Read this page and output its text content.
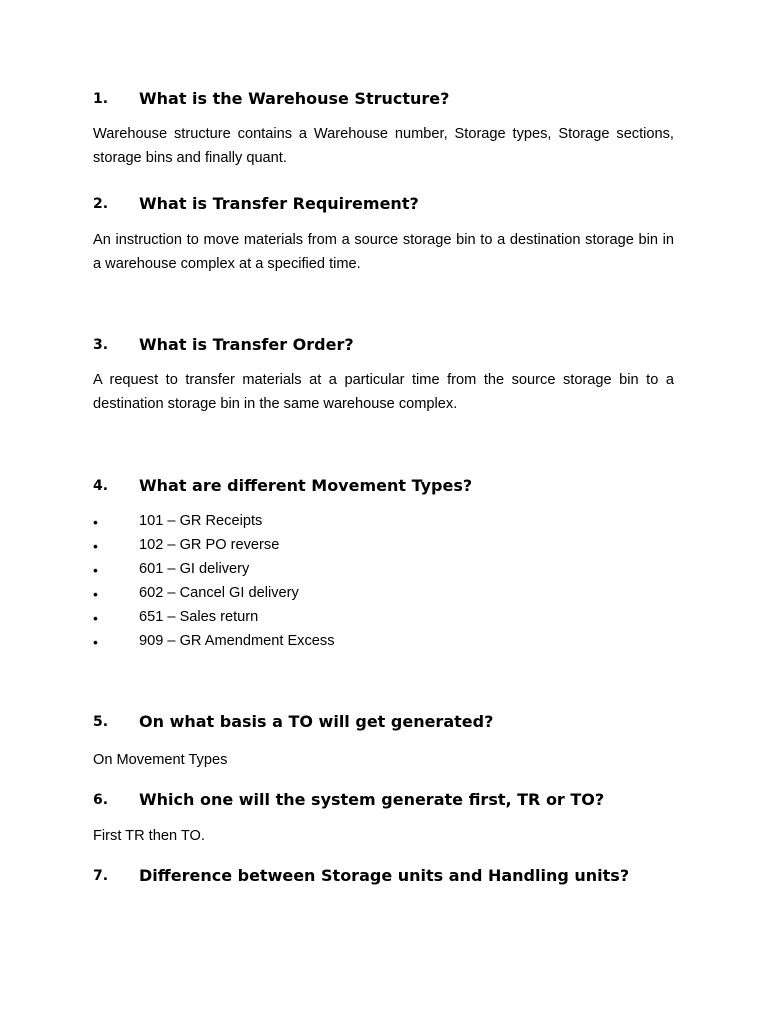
1. What is the Warehouse Structure?
Warehouse structure contains a Warehouse number, Storage types, Storage sections, storage bins and finally quant.
2. What is Transfer Requirement?
An instruction to move materials from a source storage bin to a destination storage bin in a warehouse complex at a specified time.
3. What is Transfer Order?
A request to transfer materials at a particular time from the source storage bin to a destination storage bin in the same warehouse complex.
4. What are different Movement Types?
•	101 – GR Receipts
•	102 – GR PO reverse
•	601 – GI delivery
•	602 – Cancel GI delivery
•	651 – Sales return
•	909 – GR Amendment Excess
5. On what basis a TO will get generated?
On Movement Types
6. Which one will the system generate first, TR or TO?
First TR then TO.
7. Difference between Storage units and Handling units?
